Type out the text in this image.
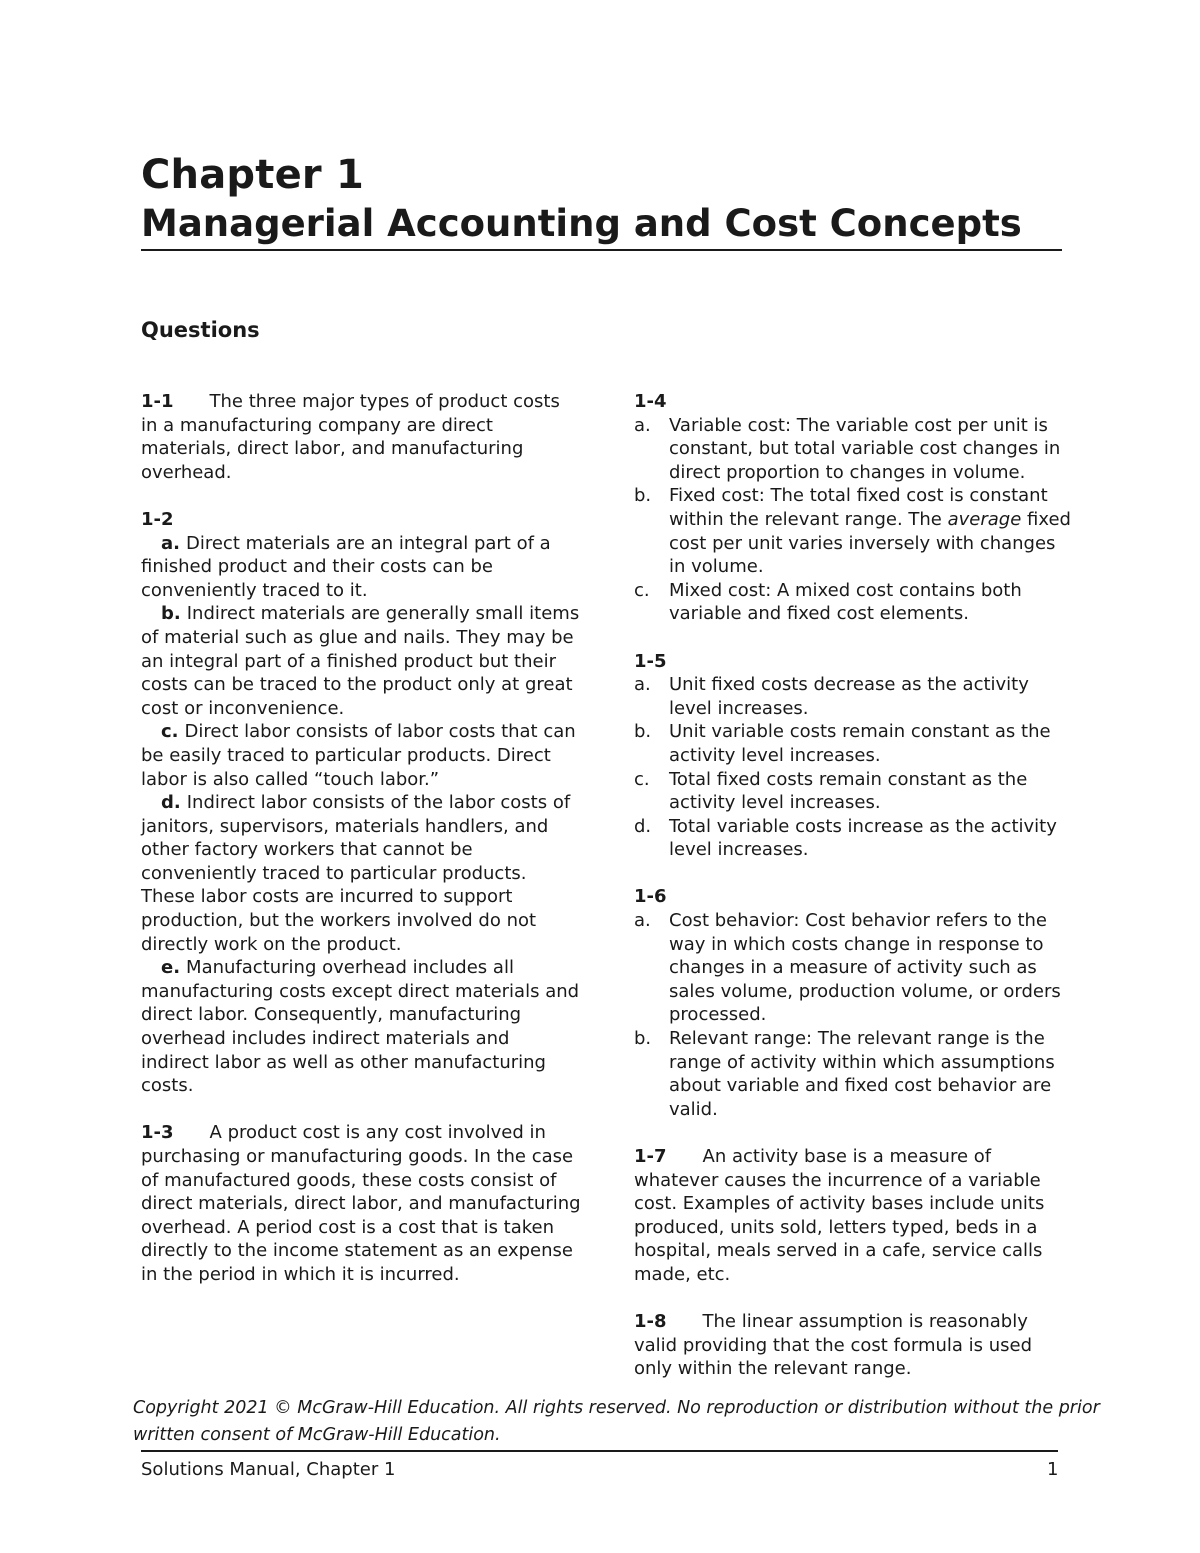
Chapter 1
Managerial Accounting and Cost Concepts
Questions

1-1 The three major types of product costs in a manufacturing company are direct materials, direct labor, and manufacturing overhead.

1-2

a. Direct materials are an integral part of a finished product and their costs can be conveniently traced to it.

b. Indirect materials are generally small items of material such as glue and nails. They may be an integral part of a finished product but their costs can be traced to the product only at great cost or inconvenience.

c. Direct labor consists of labor costs that can be easily traced to particular products. Direct labor is also called “touch labor.”

d. Indirect labor consists of the labor costs of janitors, supervisors, materials handlers, and other factory workers that cannot be conveniently traced to particular products. These labor costs are incurred to support production, but the workers involved do not directly work on the product.

e. Manufacturing overhead includes all manufacturing costs except direct materials and direct labor. Consequently, manufacturing overhead includes indirect materials and indirect labor as well as other manufacturing costs.

1-3 A product cost is any cost involved in purchasing or manufacturing goods. In the case of manufactured goods, these costs consist of direct materials, direct labor, and manufacturing overhead. A period cost is a cost that is taken directly to the income statement as an expense in the period in which it is incurred.

1-4

a. Variable cost: The variable cost per unit is constant, but total variable cost changes in direct proportion to changes in volume.

b. Fixed cost: The total fixed cost is constant within the relevant range. The average fixed cost per unit varies inversely with changes in volume.

c. Mixed cost: A mixed cost contains both variable and fixed cost elements.

1-5

a. Unit fixed costs decrease as the activity level increases.

b. Unit variable costs remain constant as the activity level increases.

c. Total fixed costs remain constant as the activity level increases.

d. Total variable costs increase as the activity level increases.

1-6

a. Cost behavior: Cost behavior refers to the way in which costs change in response to changes in a measure of activity such as sales volume, production volume, or orders processed.

b. Relevant range: The relevant range is the range of activity within which assumptions about variable and fixed cost behavior are valid.

1-7 An activity base is a measure of whatever causes the incurrence of a variable cost. Examples of activity bases include units produced, units sold, letters typed, beds in a hospital, meals served in a cafe, service calls made, etc.

1-8 The linear assumption is reasonably valid providing that the cost formula is used only within the relevant range.

Copyright 2021 © McGraw-Hill Education. All rights reserved. No reproduction or distribution without the prior written consent of McGraw-Hill Education.

Solutions Manual, Chapter 1	1
